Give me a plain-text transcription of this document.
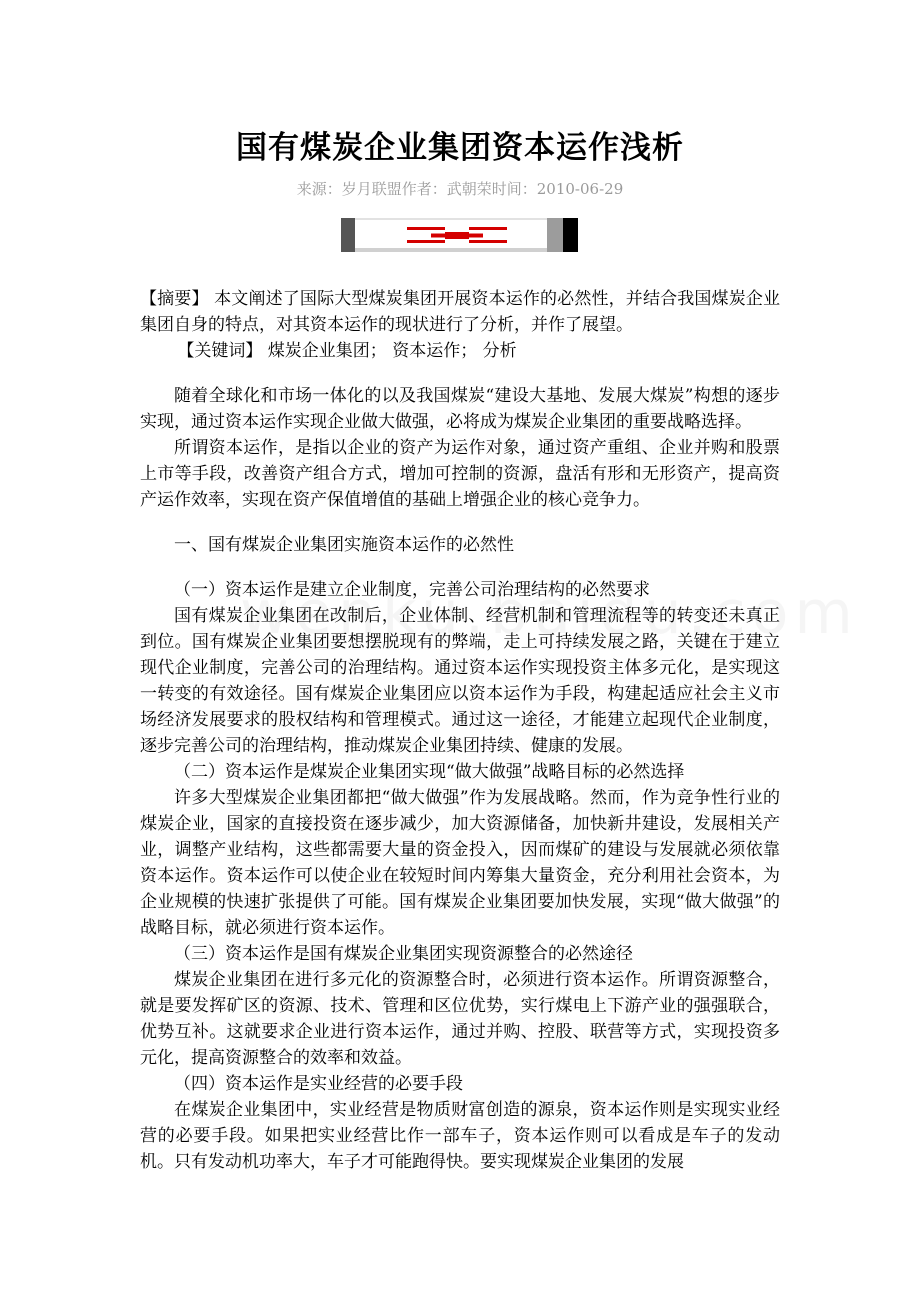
国有煤炭企业集团资本运作浅析
来源：岁月联盟作者：武朝荣时间：2010-06-29

【摘要】 本文阐述了国际大型煤炭集团开展资本运作的必然性，并结合我国煤炭企业集团自身的特点，对其资本运作的现状进行了分析，并作了展望。

【关键词】 煤炭企业集团； 资本运作； 分析

随着全球化和市场一体化的以及我国煤炭“建设大基地、发展大煤炭”构想的逐步实现，通过资本运作实现企业做大做强，必将成为煤炭企业集团的重要战略选择。

所谓资本运作，是指以企业的资产为运作对象，通过资产重组、企业并购和股票上市等手段，改善资产组合方式，增加可控制的资源，盘活有形和无形资产，提高资产运作效率，实现在资产保值增值的基础上增强企业的核心竞争力。

一、国有煤炭企业集团实施资本运作的必然性

（一）资本运作是建立企业制度，完善公司治理结构的必然要求

国有煤炭企业集团在改制后，企业体制、经营机制和管理流程等的转变还未真正到位。国有煤炭企业集团要想摆脱现有的弊端，走上可持续发展之路，关键在于建立现代企业制度，完善公司的治理结构。通过资本运作实现投资主体多元化，是实现这一转变的有效途径。国有煤炭企业集团应以资本运作为手段，构建起适应社会主义市场经济发展要求的股权结构和管理模式。通过这一途径，才能建立起现代企业制度，逐步完善公司的治理结构，推动煤炭企业集团持续、健康的发展。

（二）资本运作是煤炭企业集团实现“做大做强”战略目标的必然选择

许多大型煤炭企业集团都把“做大做强”作为发展战略。然而，作为竞争性行业的煤炭企业，国家的直接投资在逐步减少，加大资源储备，加快新井建设，发展相关产业，调整产业结构，这些都需要大量的资金投入，因而煤矿的建设与发展就必须依靠资本运作。资本运作可以使企业在较短时间内筹集大量资金，充分利用社会资本，为企业规模的快速扩张提供了可能。国有煤炭企业集团要加快发展，实现“做大做强”的战略目标，就必须进行资本运作。

（三）资本运作是国有煤炭企业集团实现资源整合的必然途径

煤炭企业集团在进行多元化的资源整合时，必须进行资本运作。所谓资源整合，就是要发挥矿区的资源、技术、管理和区位优势，实行煤电上下游产业的强强联合，优势互补。这就要求企业进行资本运作，通过并购、控股、联营等方式，实现投资多元化，提高资源整合的效率和效益。

（四）资本运作是实业经营的必要手段

在煤炭企业集团中，实业经营是物质财富创造的源泉，资本运作则是实现实业经营的必要手段。如果把实业经营比作一部车子，资本运作则可以看成是车子的发动机。只有发动机功率大，车子才可能跑得快。要实现煤炭企业集团的发展
